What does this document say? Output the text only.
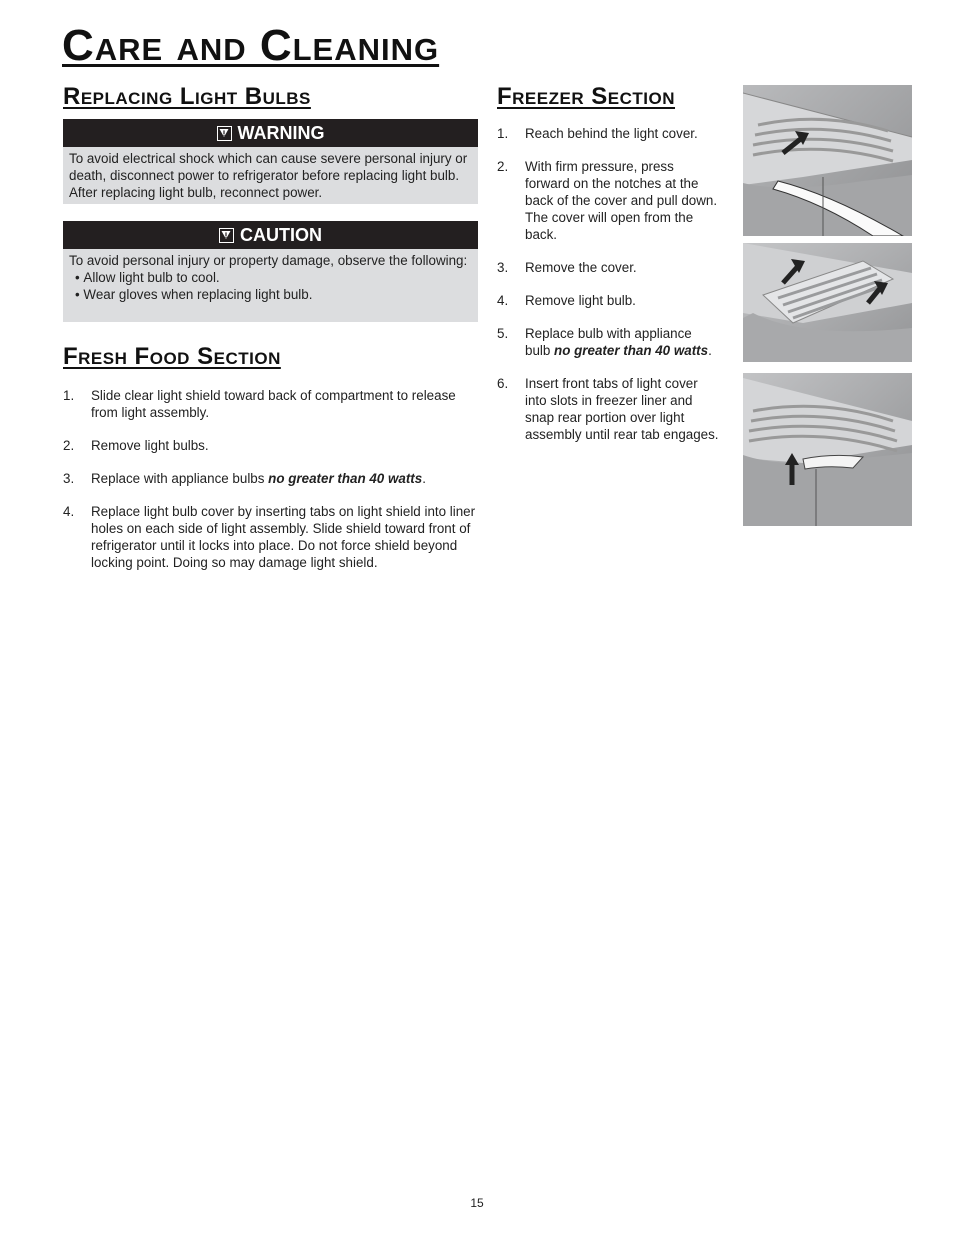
Care and Cleaning
Replacing Light Bulbs
WARNING
To avoid electrical shock which can cause severe personal injury or death, disconnect power to refrigerator before replacing light bulb. After replacing light bulb, reconnect power.
CAUTION
To avoid personal injury or property damage, observe the following:
• Allow light bulb to cool.
• Wear gloves when replacing light bulb.
Fresh Food Section
1. Slide clear light shield toward back of compartment to release from light assembly.
2. Remove light bulbs.
3. Replace with appliance bulbs no greater than 40 watts.
4. Replace light bulb cover by inserting tabs on light shield into liner holes on each side of light assembly. Slide shield toward front of refrigerator until it locks into place. Do not force shield beyond locking point. Doing so may damage light shield.
Freezer Section
1. Reach behind the light cover.
2. With firm pressure, press forward on the notches at the back of the cover and pull down. The cover will open from the back.
3. Remove the cover.
4. Remove light bulb.
5. Replace bulb with appliance bulb no greater than 40 watts.
6. Insert front tabs of light cover into slots in freezer liner and snap rear portion over light assembly until rear tab engages.
15
